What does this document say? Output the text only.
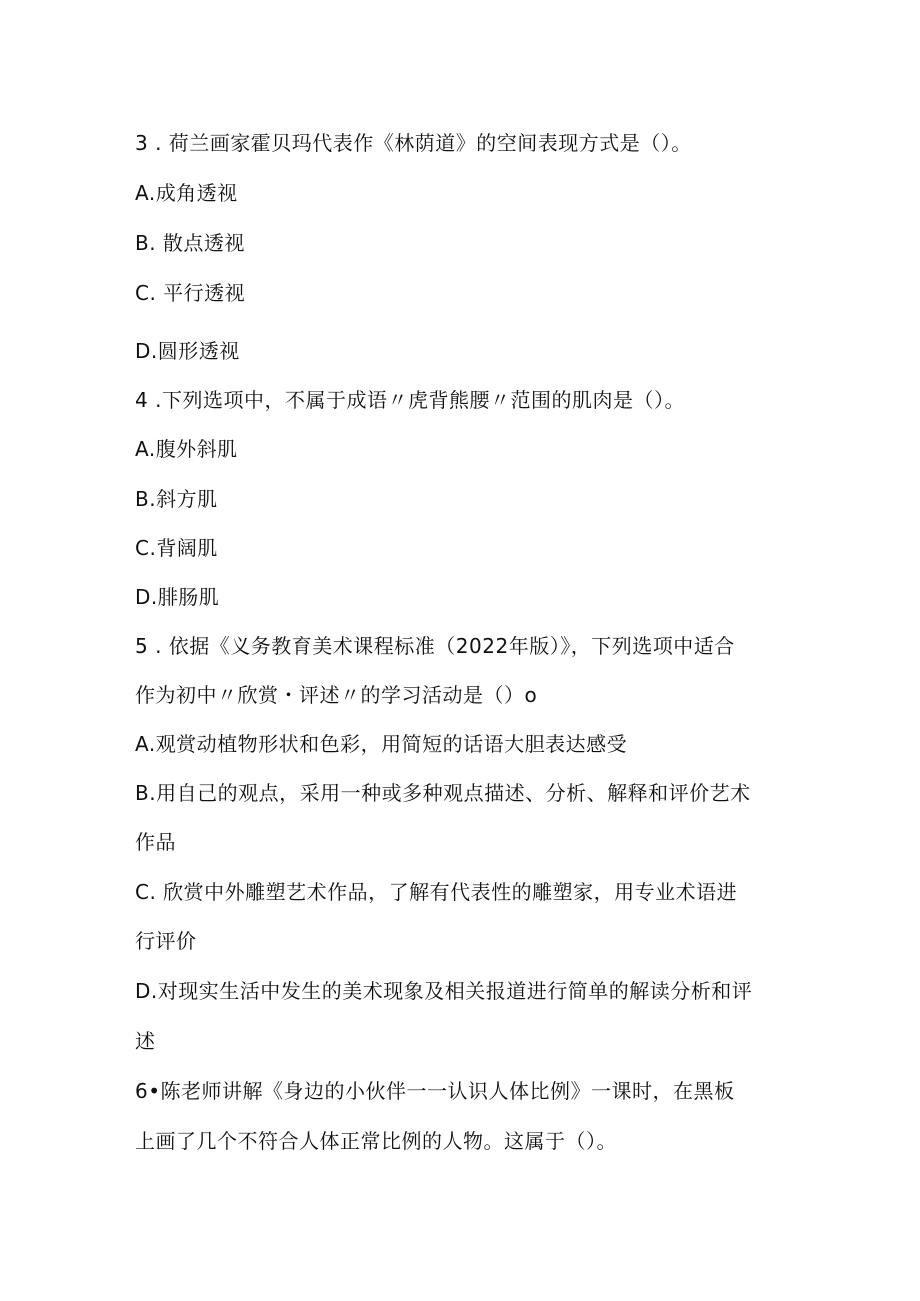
3 . 荷兰画家霍贝玛代表作《林荫道》的空间表现方式是（）。
A.成角透视
B. 散点透视
C. 平行透视
D.圆形透视
4 .下列选项中，不属于成语〃虎背熊腰〃范围的肌肉是（）。
A.腹外斜肌
B.斜方肌
C.背阔肌
D.腓肠肌
5 . 依据《义务教育美术课程标准（2022年版）》，下列选项中适合
作为初中〃欣赏・评述〃的学习活动是（）o
A.观赏动植物形状和色彩，用简短的话语大胆表达感受
B.用自己的观点，采用一种或多种观点描述、分析、解释和评价艺术
作品
C. 欣赏中外雕塑艺术作品，了解有代表性的雕塑家，用专业术语进
行评价
D.对现实生活中发生的美术现象及相关报道进行简单的解读分析和评
述
6•陈老师讲解《身边的小伙伴一一认识人体比例》一课时，在黑板
上画了几个不符合人体正常比例的人物。这属于（）。
